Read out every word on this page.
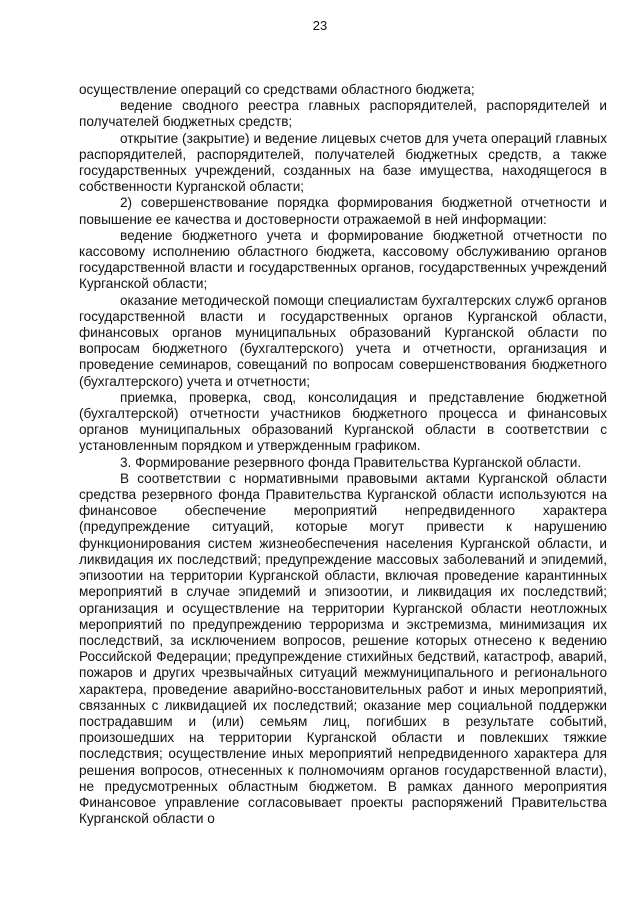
23

осуществление операций со средствами областного бюджета;

ведение сводного реестра главных распорядителей, распорядителей и получателей бюджетных средств;

открытие (закрытие) и ведение лицевых счетов для учета операций главных распорядителей, распорядителей, получателей бюджетных средств, а также государственных учреждений, созданных на базе имущества, находящегося в собственности Курганской области;

2) совершенствование порядка формирования бюджетной отчетности и повышение ее качества и достоверности отражаемой в ней информации:

ведение бюджетного учета и формирование бюджетной отчетности по кассовому исполнению областного бюджета, кассовому обслуживанию органов государственной власти и государственных органов, государственных учреждений Курганской области;

оказание методической помощи специалистам бухгалтерских служб органов государственной власти и государственных органов Курганской области, финансовых органов муниципальных образований Курганской области по вопросам бюджетного (бухгалтерского) учета и отчетности, организация и проведение семинаров, совещаний по вопросам совершенствования бюджетного (бухгалтерского) учета и отчетности;

приемка, проверка, свод, консолидация и представление бюджетной (бухгалтерской) отчетности участников бюджетного процесса и финансовых органов муниципальных образований Курганской области в соответствии с установленным порядком и утвержденным графиком.

3. Формирование резервного фонда Правительства Курганской области.

В соответствии с нормативными правовыми актами Курганской области средства резервного фонда Правительства Курганской области используются на финансовое обеспечение мероприятий непредвиденного характера (предупреждение ситуаций, которые могут привести к нарушению функционирования систем жизнеобеспечения населения Курганской области, и ликвидация их последствий; предупреждение массовых заболеваний и эпидемий, эпизоотии на территории Курганской области, включая проведение карантинных мероприятий в случае эпидемий и эпизоотии, и ликвидация их последствий; организация и осуществление на территории Курганской области неотложных мероприятий по предупреждению терроризма и экстремизма, минимизация их последствий, за исключением вопросов, решение которых отнесено к ведению Российской Федерации; предупреждение стихийных бедствий, катастроф, аварий, пожаров и других чрезвычайных ситуаций межмуниципального и регионального характера, проведение аварийно-восстановительных работ и иных мероприятий, связанных с ликвидацией их последствий; оказание мер социальной поддержки пострадавшим и (или) семьям лиц, погибших в результате событий, произошедших на территории Курганской области и повлекших тяжкие последствия; осуществление иных мероприятий непредвиденного характера для решения вопросов, отнесенных к полномочиям органов государственной власти), не предусмотренных областным бюджетом. В рамках данного мероприятия Финансовое управление согласовывает проекты распоряжений Правительства Курганской области о
